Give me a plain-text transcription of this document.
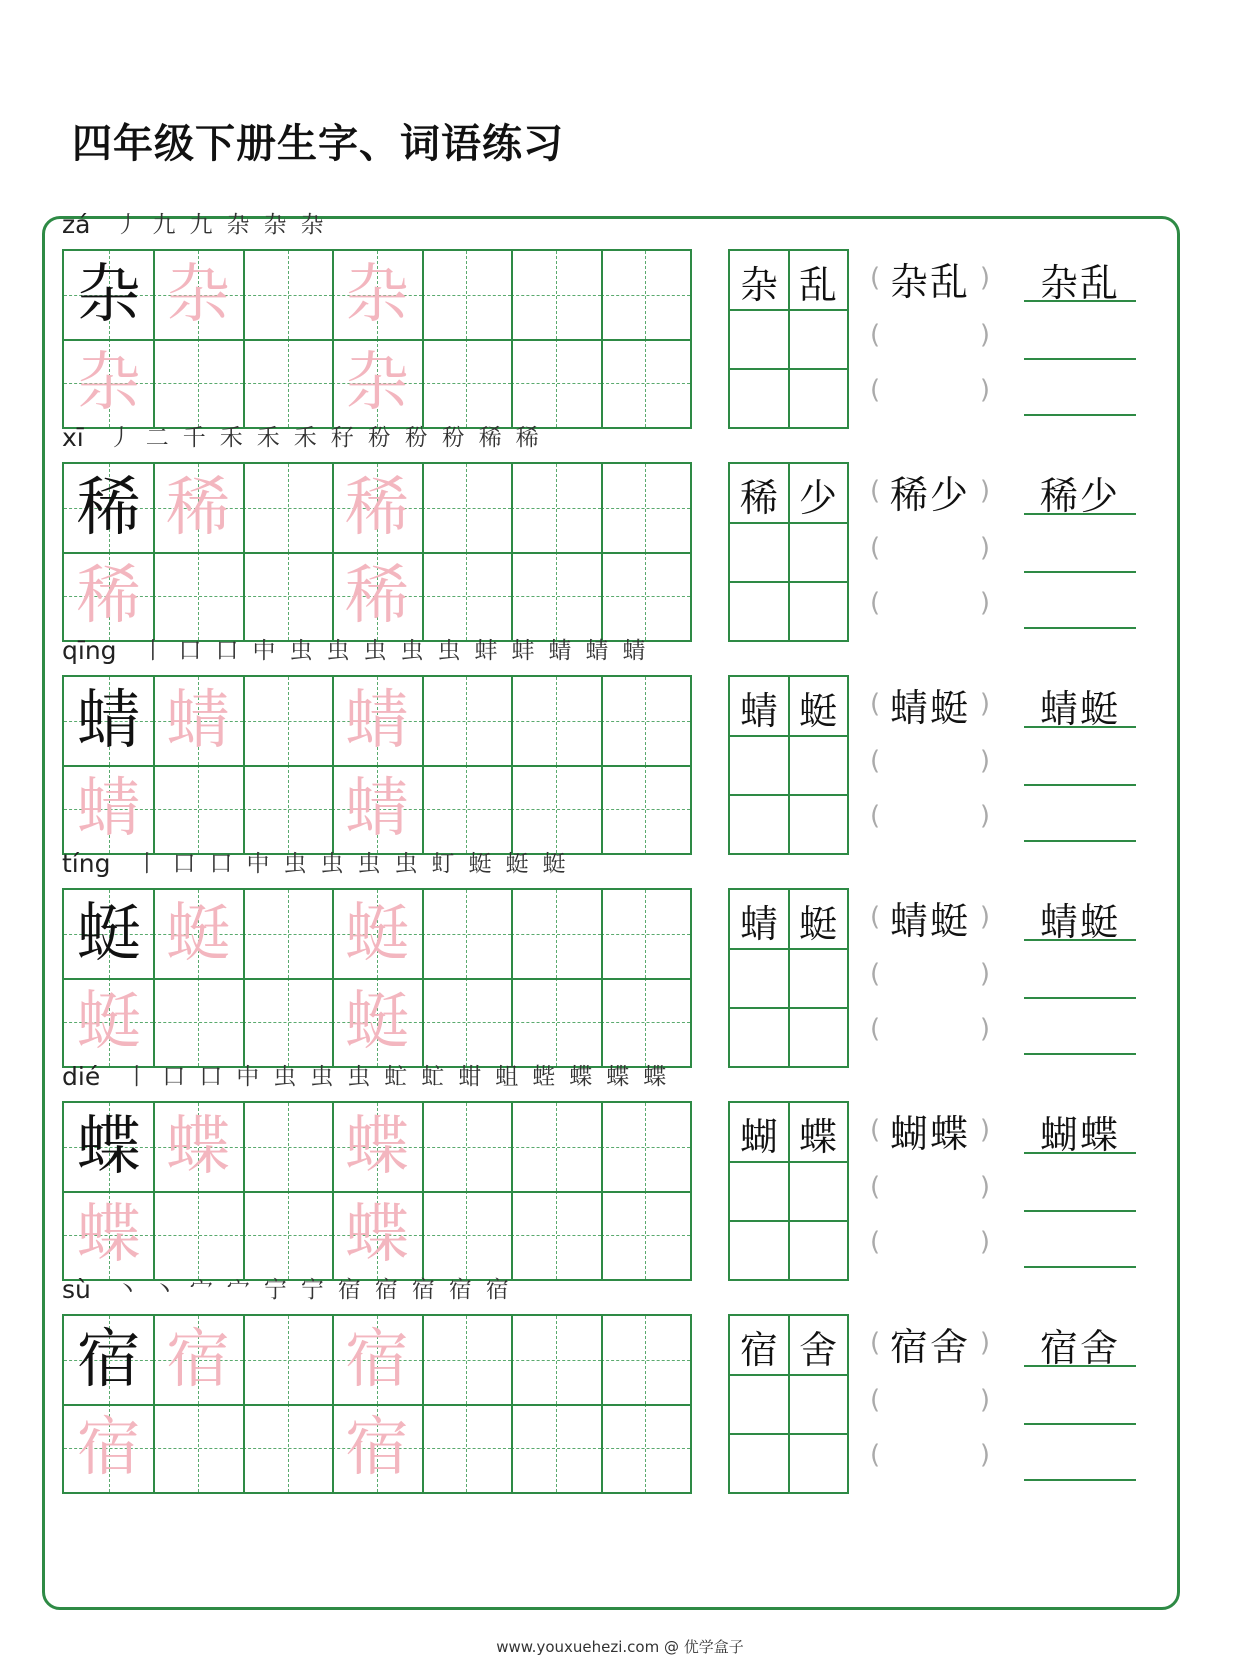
四年级下册生字、词语练习
zá	丿 九 九 杂 杂 杂
杂 杂 杂
杂	杂
杂 乱	( 杂乱 )
(	)
(	)
杂乱
xī	丿 二 千 禾 禾 禾 秄 秎 秎 秎 稀 稀
稀 稀 稀
稀	稀
稀 少	( 稀少 )
(	)
(	)
稀少
qīng	丨 口 口 中 虫 虫 虫 虫 虫 蚌 蚌 蜻 蜻 蜻
蜻 蜻 蜻
蜻	蜻
蜻 蜓	( 蜻蜓 )
(	)
(	)
蜻蜓
tíng	丨 口 口 中 虫 虫 虫 虫 虰 蜓 蜓 蜓
蜓 蜓 蜓
蜓	蜓
蜻 蜓	( 蜻蜓 )
(	)
(	)
蜻蜓
dié	丨 口 口 中 虫 虫 虫 虻 虻 蚶 蛆 蜌 蝶 蝶 蝶
蝶 蝶 蝶
蝶	蝶
蝴 蝶	( 蝴蝶 )
(	)
(	)
蝴蝶
sù	丶 丶 宀 宀 宁 宁 宿 宿 宿 宿 宿
宿 宿 宿
宿	宿
宿 舍	( 宿舍 )
(	)
(	)
宿舍
www.youxuehezi.com @ 优学盒子
